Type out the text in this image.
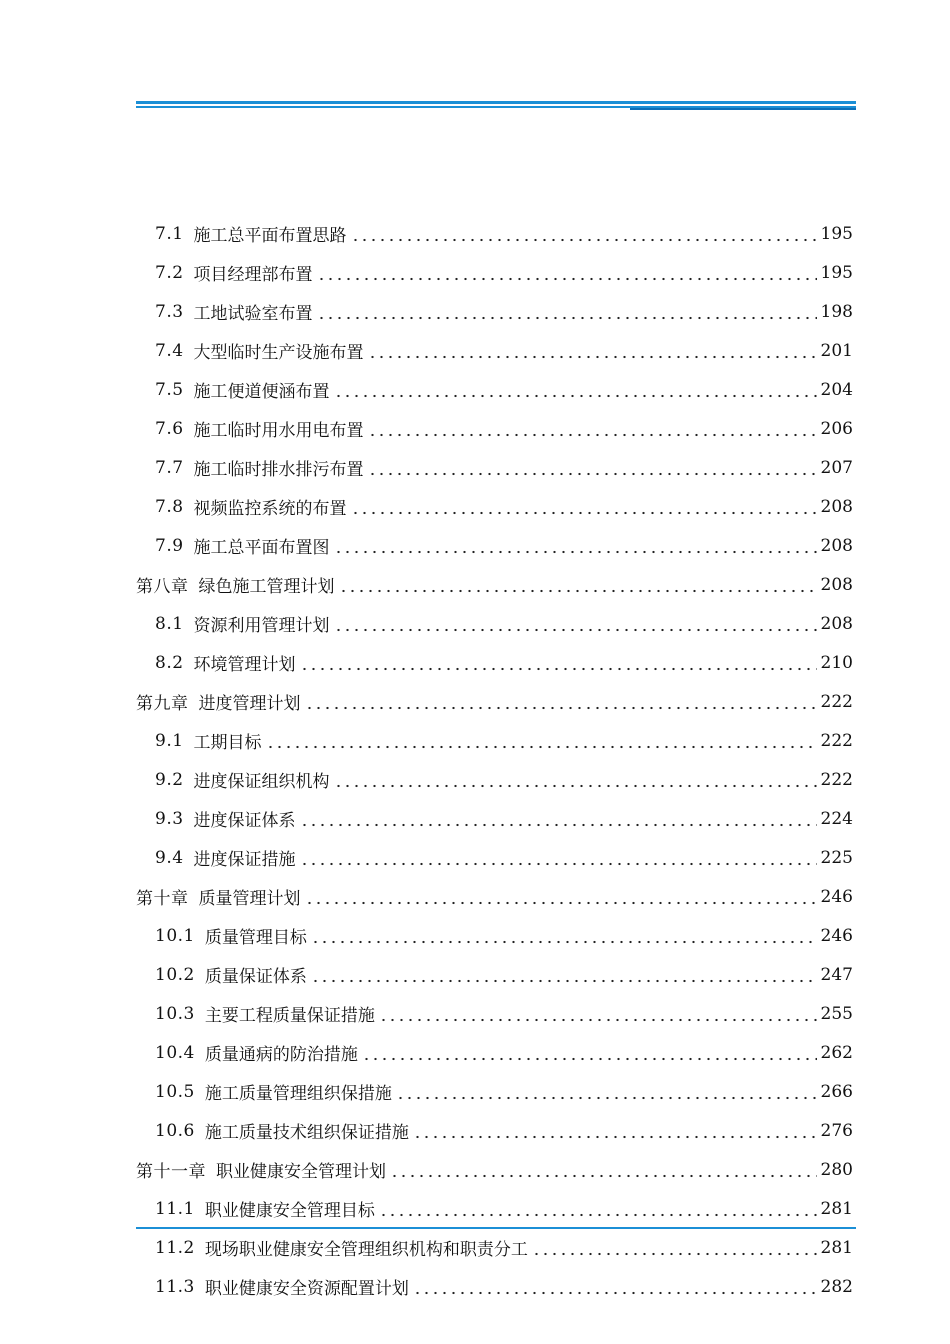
7.1 施工总平面布置思路	195
7.2 项目经理部布置	195
7.3 工地试验室布置	198
7.4 大型临时生产设施布置	201
7.5 施工便道便涵布置	204
7.6 施工临时用水用电布置	206
7.7 施工临时排水排污布置	207
7.8 视频监控系统的布置	208
7.9 施工总平面布置图	208
第八章 绿色施工管理计划	208
8.1 资源利用管理计划	208
8.2 环境管理计划	210
第九章 进度管理计划	222
9.1 工期目标	222
9.2 进度保证组织机构	222
9.3 进度保证体系	224
9.4 进度保证措施	225
第十章 质量管理计划	246
10.1 质量管理目标	246
10.2 质量保证体系	247
10.3 主要工程质量保证措施	255
10.4 质量通病的防治措施	262
10.5 施工质量管理组织保措施	266
10.6 施工质量技术组织保证措施	276
第十一章 职业健康安全管理计划	280
11.1 职业健康安全管理目标	281
11.2 现场职业健康安全管理组织机构和职责分工	281
11.3 职业健康安全资源配置计划	282
